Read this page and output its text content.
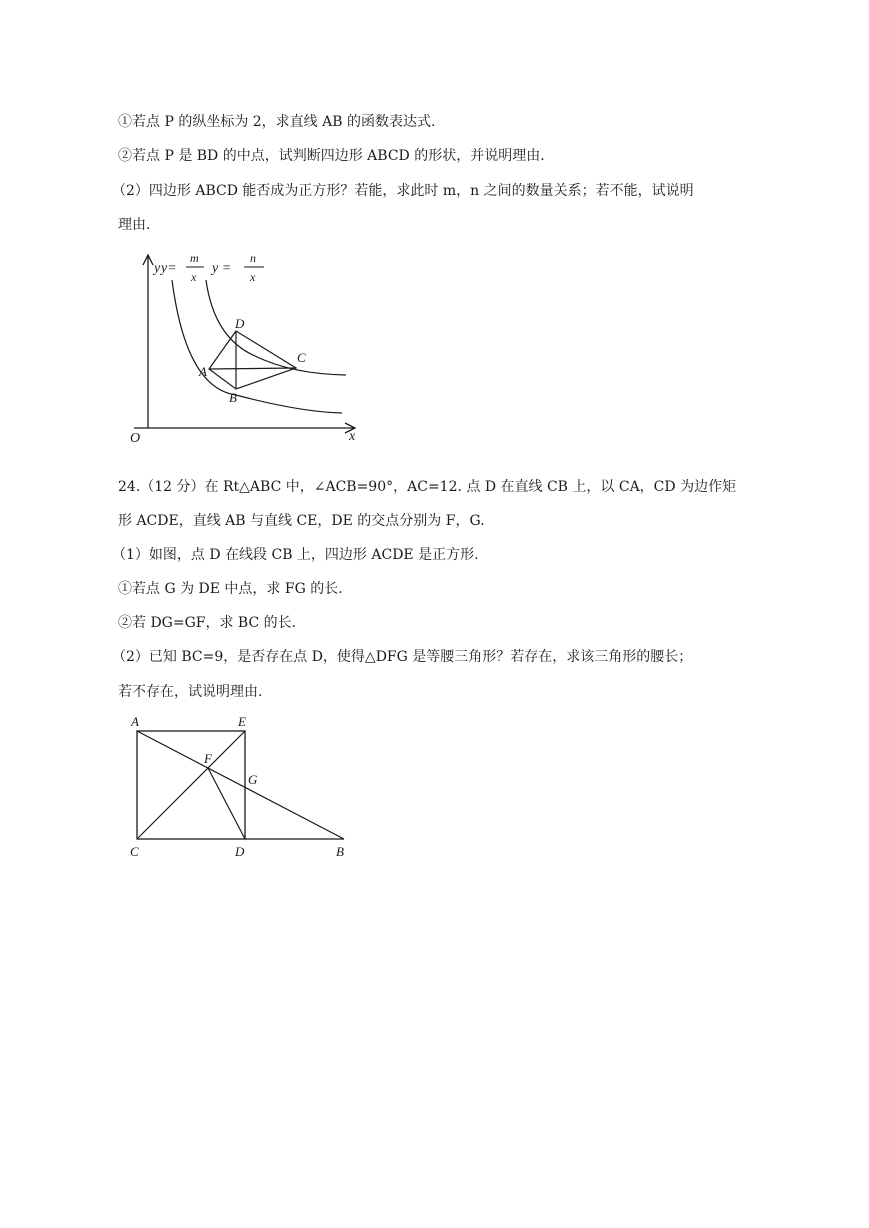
①若点 P 的纵坐标为 2，求直线 AB 的函数表达式.
②若点 P 是 BD 的中点，试判断四边形 ABCD 的形状，并说明理由.
（2）四边形 ABCD 能否成为正方形？若能，求此时 m，n 之间的数量关系；若不能，试说明
理由.
y y=
m
x
y =
n
x
O	x
D
A
B
C
24.（12 分）在 Rt△ABC 中，∠ACB=90°，AC=12. 点 D 在直线 CB 上，以 CA，CD 为边作矩
形 ACDE，直线 AB 与直线 CE，DE 的交点分别为 F，G.
（1）如图，点 D 在线段 CB 上，四边形 ACDE 是正方形.
①若点 G 为 DE 中点，求 FG 的长.
②若 DG=GF，求 BC 的长.
（2）已知 BC=9，是否存在点 D，使得△DFG 是等腰三角形？若存在，求该三角形的腰长；
若不存在，试说明理由.
A	E
F
G
C	D	B
